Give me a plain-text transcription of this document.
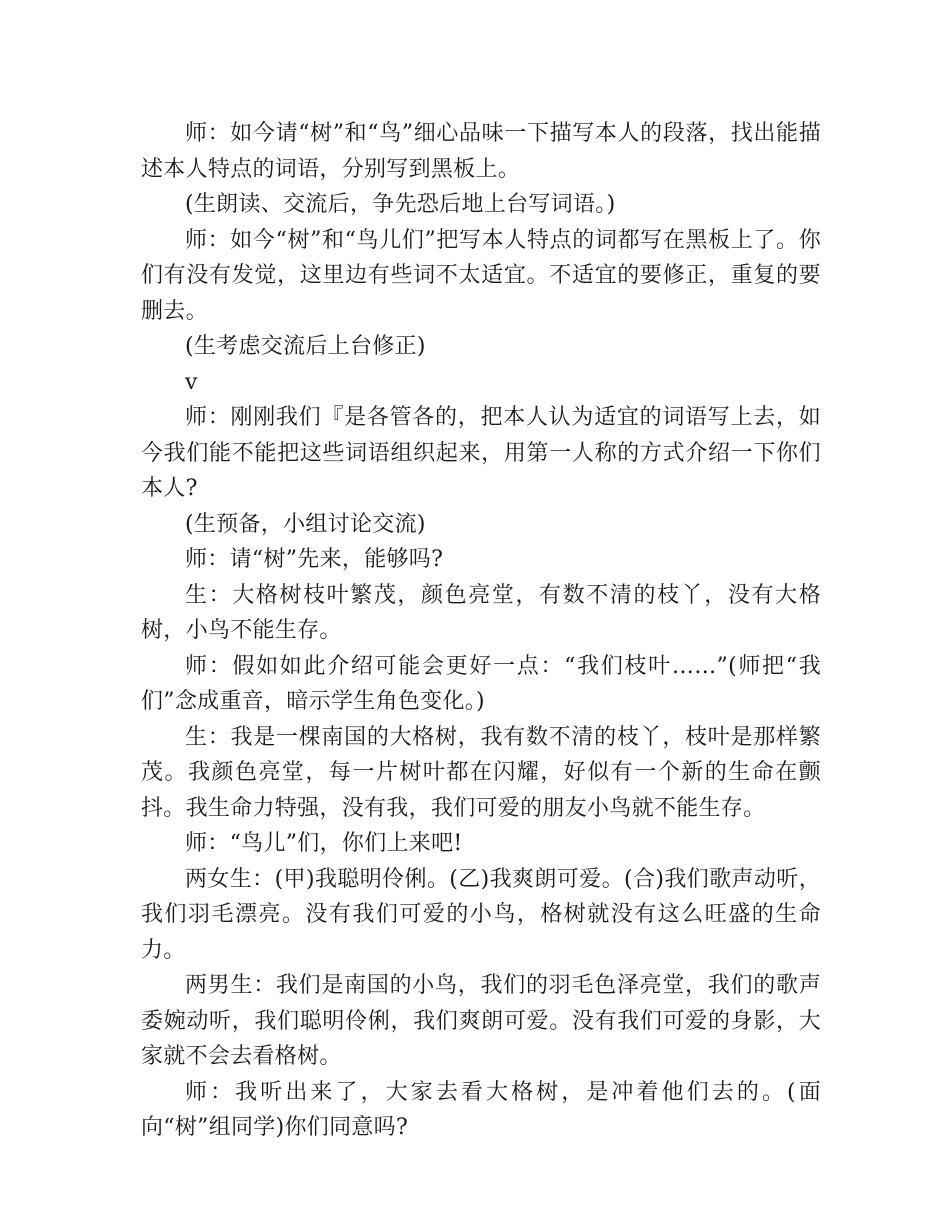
师：如今请“树”和“鸟”细心品味一下描写本人的段落，找出能描述本人特点的词语，分别写到黑板上。

(生朗读、交流后，争先恐后地上台写词语。)

师：如今“树”和“鸟儿们”把写本人特点的词都写在黑板上了。你们有没有发觉，这里边有些词不太适宜。不适宜的要修正，重复的要删去。

(生考虑交流后上台修正)

v

师：刚刚我们『是各管各的，把本人认为适宜的词语写上去，如今我们能不能把这些词语组织起来，用第一人称的方式介绍一下你们本人?

(生预备，小组讨论交流)

师：请“树”先来，能够吗?

生：大格树枝叶繁茂，颜色亮堂，有数不清的枝丫，没有大格树，小鸟不能生存。

师：假如如此介绍可能会更好一点：“我们枝叶……”(师把“我们”念成重音，暗示学生角色变化。)

生：我是一棵南国的大格树，我有数不清的枝丫，枝叶是那样繁茂。我颜色亮堂，每一片树叶都在闪耀，好似有一个新的生命在颤抖。我生命力特强，没有我，我们可爱的朋友小鸟就不能生存。

师：“鸟儿”们，你们上来吧!

两女生：(甲)我聪明伶俐。(乙)我爽朗可爱。(合)我们歌声动听，我们羽毛漂亮。没有我们可爱的小鸟，格树就没有这么旺盛的生命力。

两男生：我们是南国的小鸟，我们的羽毛色泽亮堂，我们的歌声委婉动听，我们聪明伶俐，我们爽朗可爱。没有我们可爱的身影，大家就不会去看格树。

师：我听出来了，大家去看大格树，是冲着他们去的。(面向“树”组同学)你们同意吗?
